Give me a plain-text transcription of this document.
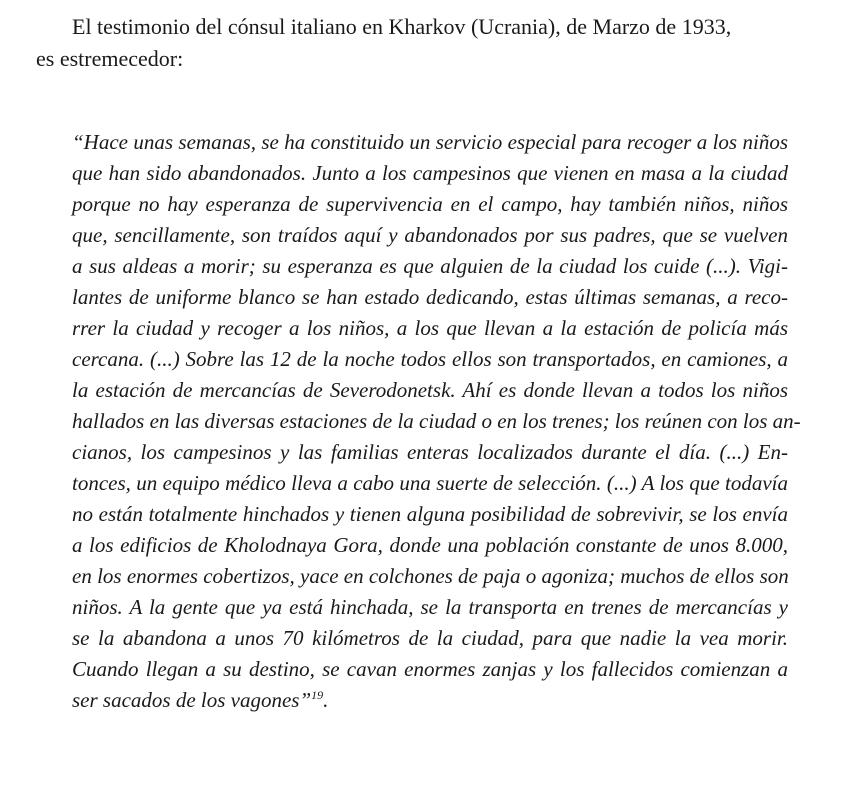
El testimonio del cónsul italiano en Kharkov (Ucrania), de Marzo de 1933,
es estremecedor:
“Hace unas semanas, se ha constituido un servicio especial para recoger a los niños
que han sido abandonados. Junto a los campesinos que vienen en masa a la ciudad
porque no hay esperanza de supervivencia en el campo, hay también niños, niños
que, sencillamente, son traídos aquí y abandonados por sus padres, que se vuelven
a sus aldeas a morir; su esperanza es que alguien de la ciudad los cuide (...). Vigi-
lantes de uniforme blanco se han estado dedicando, estas últimas semanas, a reco-
rrer la ciudad y recoger a los niños, a los que llevan a la estación de policía más
cercana. (...) Sobre las 12 de la noche todos ellos son transportados, en camiones, a
la estación de mercancías de Severodonetsk. Ahí es donde llevan a todos los niños
hallados en las diversas estaciones de la ciudad o en los trenes; los reúnen con los an-
cianos, los campesinos y las familias enteras localizados durante el día. (...) En-
tonces, un equipo médico lleva a cabo una suerte de selección. (...) A los que todavía
no están totalmente hinchados y tienen alguna posibilidad de sobrevivir, se los envía
a los edificios de Kholodnaya Gora, donde una población constante de unos 8.000,
en los enormes cobertizos, yace en colchones de paja o agoniza; muchos de ellos son
niños. A la gente que ya está hinchada, se la transporta en trenes de mercancías y
se la abandona a unos 70 kilómetros de la ciudad, para que nadie la vea morir.
Cuando llegan a su destino, se cavan enormes zanjas y los fallecidos comienzan a
ser sacados de los vagones”$^{19}$.
